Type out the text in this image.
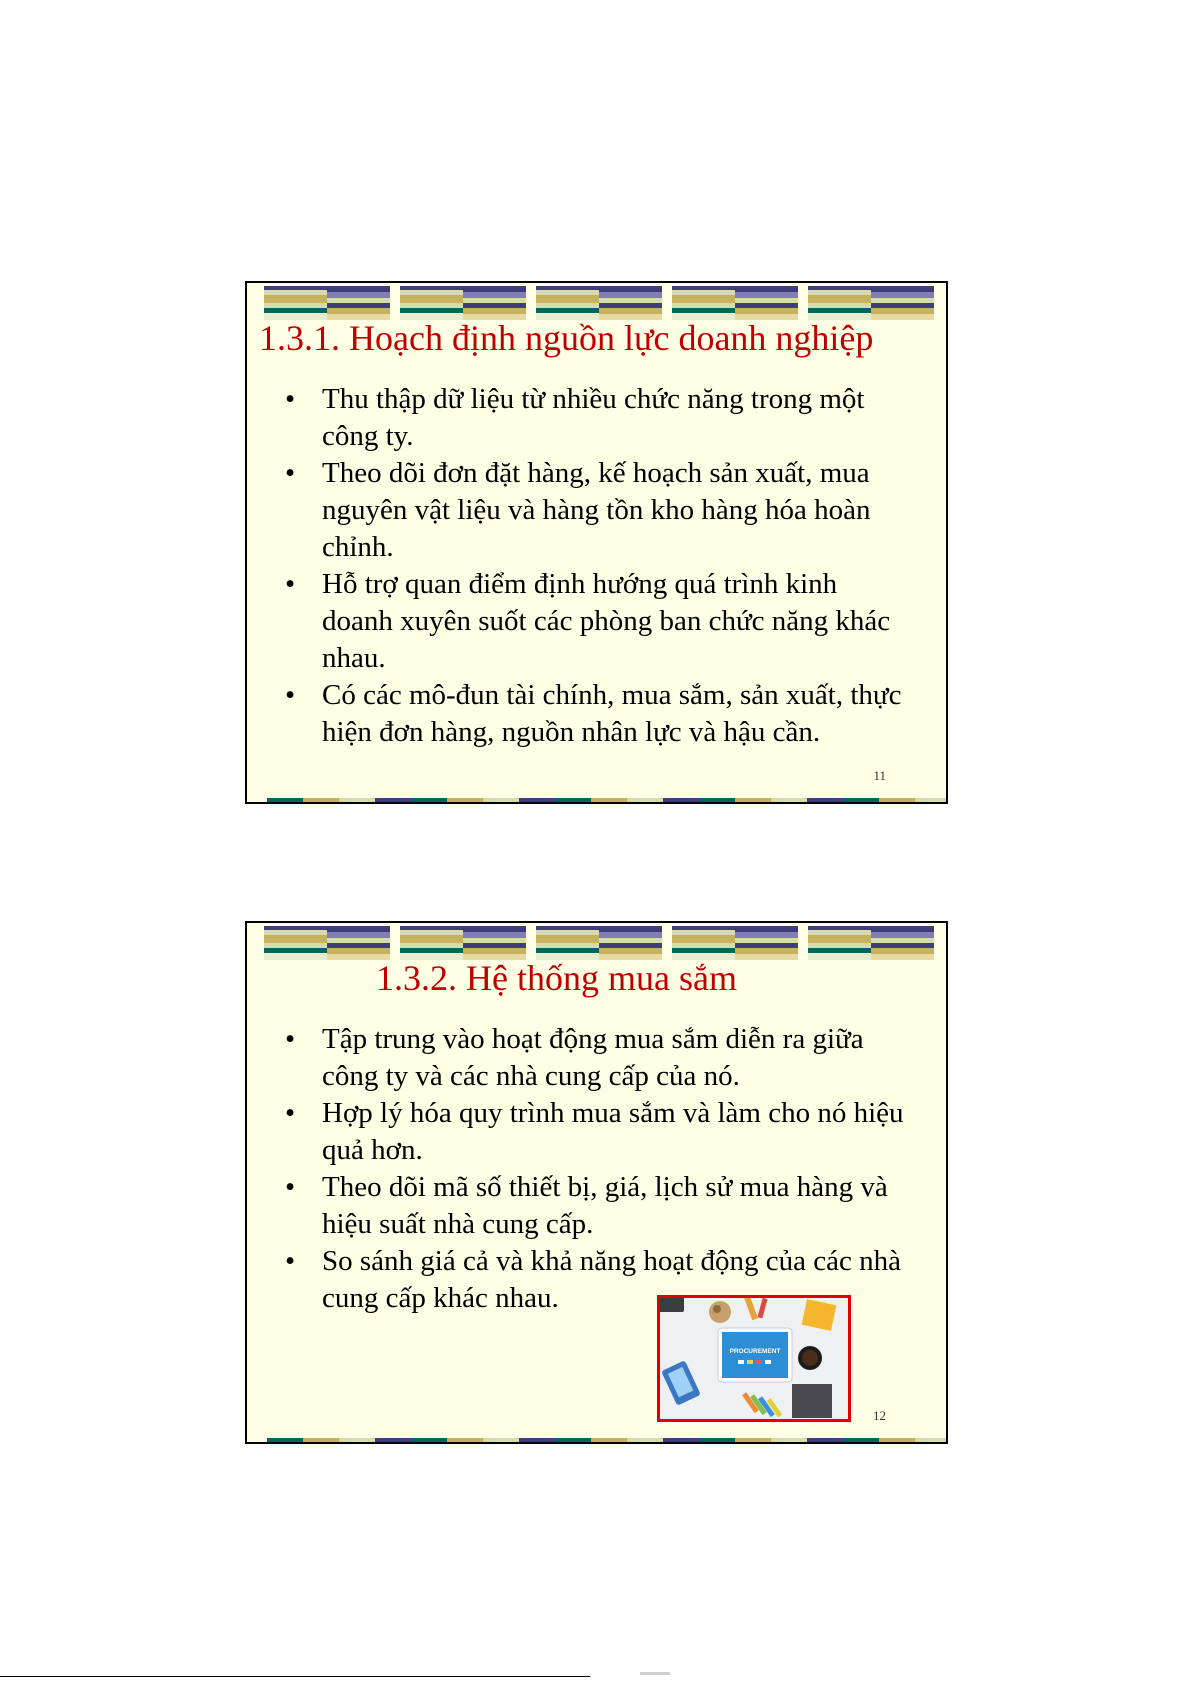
1.3.1. Hoạch định nguồn lực doanh nghiệp
• Thu thập dữ liệu từ nhiều chức năng trong một công ty.
• Theo dõi đơn đặt hàng, kế hoạch sản xuất, mua nguyên vật liệu và hàng tồn kho hàng hóa hoàn chỉnh.
• Hỗ trợ quan điểm định hướng quá trình kinh doanh xuyên suốt các phòng ban chức năng khác nhau.
• Có các mô-đun tài chính, mua sắm, sản xuất, thực hiện đơn hàng, nguồn nhân lực và hậu cần.
11
1.3.2. Hệ thống mua sắm
• Tập trung vào hoạt động mua sắm diễn ra giữa công ty và các nhà cung cấp của nó.
• Hợp lý hóa quy trình mua sắm và làm cho nó hiệu quả hơn.
• Theo dõi mã số thiết bị, giá, lịch sử mua hàng và hiệu suất nhà cung cấp.
• So sánh giá cả và khả năng hoạt động của các nhà cung cấp khác nhau.
PROCUREMENT
12
